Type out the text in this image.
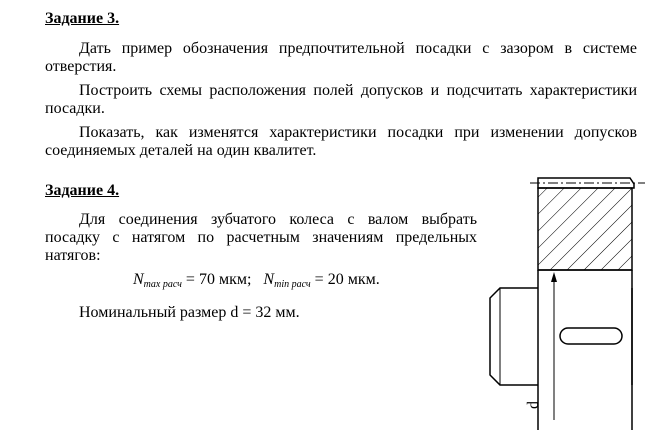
Задание 3.
Дать пример обозначения предпочтительной посадки с зазором в системе отверстия.
Построить схемы расположения полей допусков и подсчитать характеристики посадки.
Показать, как изменятся характеристики посадки при изменении допусков соединяемых деталей на один квалитет.
Задание 4.
Для соединения зубчатого колеса с валом выбрать посадку с натягом по расчетным значениям предельных натягов:
$N_{max расч} = 70$ мкм; $N_{min расч} = 20$ мкм.
Номинальный размер d = 32 мм.
d
